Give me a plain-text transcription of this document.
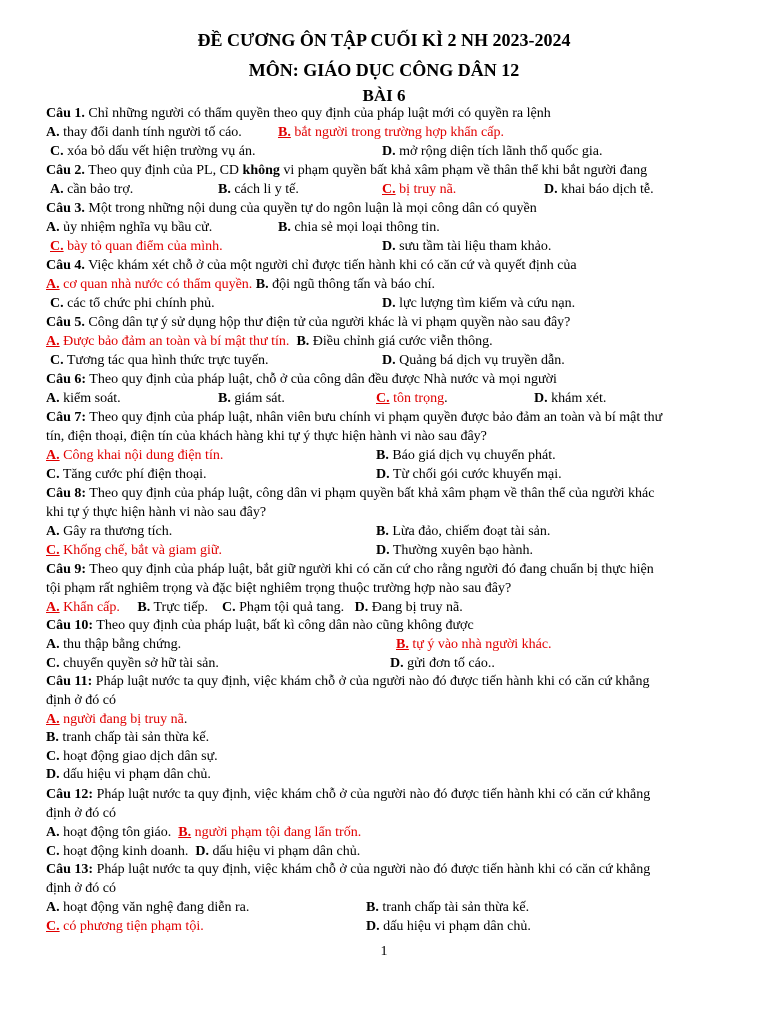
ĐỀ CƯƠNG ÔN TẬP CUỐI KÌ 2 NH 2023-2024
MÔN: GIÁO DỤC CÔNG DÂN 12
BÀI 6
Câu 1. Chỉ những người có thẩm quyền theo quy định của pháp luật mới có quyền ra lệnh
A. thay đổi danh tính người tố cáo.	B. bắt người trong trường hợp khẩn cấp.
C. xóa bỏ dấu vết hiện trường vụ án.	D. mở rộng diện tích lãnh thổ quốc gia.
Câu 2. Theo quy định của PL, CD không vi phạm quyền bất khả xâm phạm về thân thể khi bắt người đang
A. cần bảo trợ.	B. cách li y tế.	C. bị truy nã.	D. khai báo dịch tễ.
Câu 3. Một trong những nội dung của quyền tự do ngôn luận là mọi công dân có quyền
A. ủy nhiệm nghĩa vụ bầu cử.	B. chia sẻ mọi loại thông tin.
C. bày tỏ quan điểm của mình.	D. sưu tầm tài liệu tham khảo.
Câu 4. Việc khám xét chỗ ở của một người chỉ được tiến hành khi có căn cứ và quyết định của
A. cơ quan nhà nước có thẩm quyền. B. đội ngũ thông tấn và báo chí.
C. các tổ chức phi chính phủ.	D. lực lượng tìm kiếm và cứu nạn.
Câu 5. Công dân tự ý sử dụng hộp thư điện tử của người khác là vi phạm quyền nào sau đây?
A. Được bảo đảm an toàn và bí mật thư tín. B. Điều chỉnh giá cước viễn thông.
C. Tương tác qua hình thức trực tuyến.	D. Quảng bá dịch vụ truyền dẫn.
Câu 6: Theo quy định của pháp luật, chỗ ở của công dân đều được Nhà nước và mọi người
A. kiểm soát.	B. giám sát.	C. tôn trọng.	D. khám xét.
Câu 7: Theo quy định của pháp luật, nhân viên bưu chính vi phạm quyền được bảo đảm an toàn và bí mật thư
tín, điện thoại, điện tín của khách hàng khi tự ý thực hiện hành vi nào sau đây?
A. Công khai nội dung điện tín.	B. Báo giá dịch vụ chuyển phát.
C. Tăng cước phí điện thoại.	D. Từ chối gói cước khuyến mại.
Câu 8: Theo quy định của pháp luật, công dân vi phạm quyền bất khả xâm phạm về thân thể của người khác
khi tự ý thực hiện hành vi nào sau đây?
A. Gây ra thương tích.	B. Lừa đảo, chiếm đoạt tài sản.
C. Khống chế, bắt và giam giữ.	D. Thường xuyên bạo hành.
Câu 9: Theo quy định của pháp luật, bắt giữ người khi có căn cứ cho rằng người đó đang chuẩn bị thực hiện
tội phạm rất nghiêm trọng và đặc biệt nghiêm trọng thuộc trường hợp nào sau đây?
A. Khẩn cấp. B. Trực tiếp. C. Phạm tội quả tang. D. Đang bị truy nã.
Câu 10: Theo quy định của pháp luật, bất kì công dân nào cũng không được
A. thu thập bằng chứng.	B. tự ý vào nhà người khác.
C. chuyển quyền sở hữ tài sản.	D. gửi đơn tố cáo..
Câu 11: Pháp luật nước ta quy định, việc khám chỗ ở của người nào đó được tiến hành khi có căn cứ khẳng
định ở đó có
A. người đang bị truy nã.
B. tranh chấp tài sản thừa kế.
C. hoạt động giao dịch dân sự.
D. dấu hiệu vi phạm dân chủ.
Câu 12: Pháp luật nước ta quy định, việc khám chỗ ở của người nào đó được tiến hành khi có căn cứ khẳng
định ở đó có
A. hoạt động tôn giáo. B. người phạm tội đang lẩn trốn.
C. hoạt động kinh doanh. D. dấu hiệu vi phạm dân chủ.
Câu 13: Pháp luật nước ta quy định, việc khám chỗ ở của người nào đó được tiến hành khi có căn cứ khẳng
định ở đó có
A. hoạt động văn nghệ đang diễn ra.	B. tranh chấp tài sản thừa kế.
C. có phương tiện phạm tội.	D. dấu hiệu vi phạm dân chủ.
1
